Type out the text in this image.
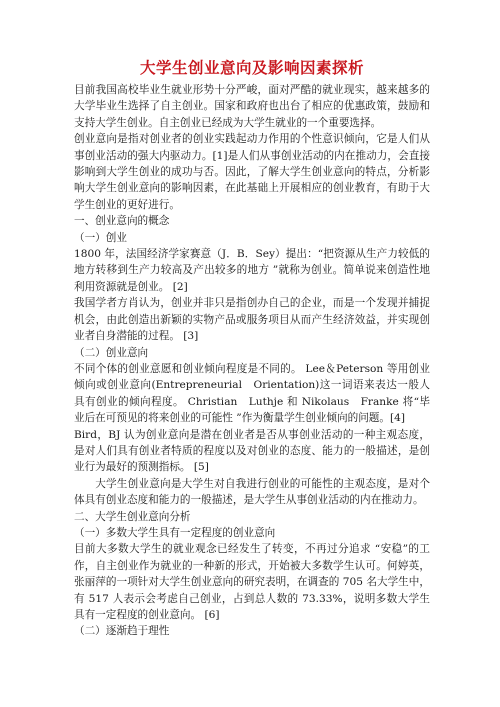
大学生创业意向及影响因素探析

目前我国高校毕业生就业形势十分严峻，面对严酷的就业现实，越来越多的大学毕业生选择了自主创业。国家和政府也出台了相应的优惠政策，鼓励和支持大学生创业。自主创业已经成为大学生就业的一个重要选择。

创业意向是指对创业者的创业实践起动力作用的个性意识倾向，它是人们从事创业活动的强大内驱动力。[1]是人们从事创业活动的内在推动力，会直接影响到大学生创业的成功与否。因此，了解大学生创业意向的特点，分析影响大学生创业意向的影响因素，在此基础上开展相应的创业教育，有助于大学生创业的更好进行。

一、创业意向的概念

（一）创业

1800 年，法国经济学家赛意（J．B．Sey）提出：“把资源从生产力较低的地方转移到生产力较高及产出较多的地方 ”就称为创业。简单说来创造性地利用资源就是创业。 [2]

我国学者方肖认为，创业并非只是指创办自己的企业，而是一个发现并捕捉机会，由此创造出新颖的实物产品或服务项目从而产生经济效益，并实现创业者自身潜能的过程。 [3]

（二）创业意向

不同个体的创业意愿和创业倾向程度是不同的。 Lee＆Peterson 等用创业倾向或创业意向(Entrepreneurial　Orientation)这一词语来表达一般人具有创业的倾向程度。 Christian　Luthje 和 Nikolaus　Franke 将“毕业后在可预见的将来创业的可能性 ”作为衡量学生创业倾向的问题。[4]

Bird，BJ 认为创业意向是潜在创业者是否从事创业活动的一种主观态度，是对人们具有创业者特质的程度以及对创业的态度、能力的一般描述，是创业行为最好的预测指标。 [5]

大学生创业意向是大学生对自我进行创业的可能性的主观态度，是对个体具有创业态度和能力的一般描述，是大学生从事创业活动的内在推动力。

二、大学生创业意向分析

（一）多数大学生具有一定程度的创业意向

目前大多数大学生的就业观念已经发生了转变，不再过分追求 “安稳”的工作，自主创业作为就业的一种新的形式，开始被大多数学生认可。何婷英，张丽萍的一项针对大学生创业意向的研究表明，在调查的 705 名大学生中，有 517 人表示会考虑自己创业，占到总人数的 73.33%，说明多数大学生具有一定程度的创业意向。 [6]

（二）逐渐趋于理性
